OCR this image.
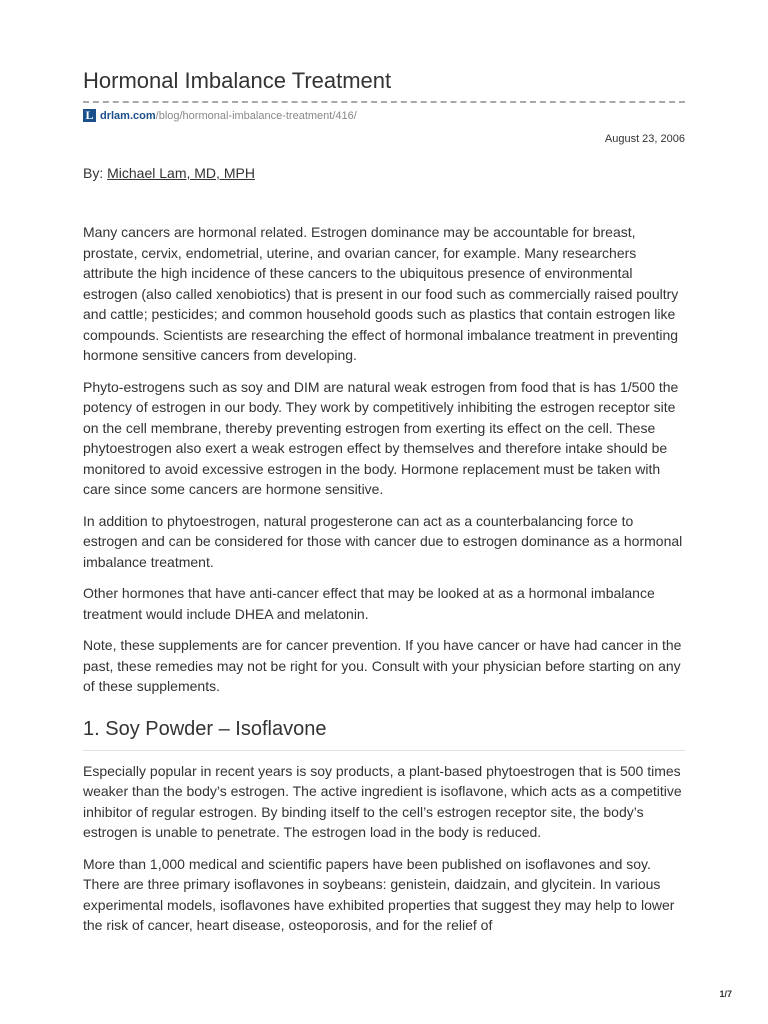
Hormonal Imbalance Treatment
L drlam.com/blog/hormonal-imbalance-treatment/416/
August 23, 2006
By: Michael Lam, MD, MPH

Many cancers are hormonal related. Estrogen dominance may be accountable for breast, prostate, cervix, endometrial, uterine, and ovarian cancer, for example. Many researchers attribute the high incidence of these cancers to the ubiquitous presence of environmental estrogen (also called xenobiotics) that is present in our food such as commercially raised poultry and cattle; pesticides; and common household goods such as plastics that contain estrogen like compounds. Scientists are researching the effect of hormonal imbalance treatment in preventing hormone sensitive cancers from developing.

Phyto-estrogens such as soy and DIM are natural weak estrogen from food that is has 1/500 the potency of estrogen in our body. They work by competitively inhibiting the estrogen receptor site on the cell membrane, thereby preventing estrogen from exerting its effect on the cell. These phytoestrogen also exert a weak estrogen effect by themselves and therefore intake should be monitored to avoid excessive estrogen in the body. Hormone replacement must be taken with care since some cancers are hormone sensitive.

In addition to phytoestrogen, natural progesterone can act as a counterbalancing force to estrogen and can be considered for those with cancer due to estrogen dominance as a hormonal imbalance treatment.

Other hormones that have anti-cancer effect that may be looked at as a hormonal imbalance treatment would include DHEA and melatonin.

Note, these supplements are for cancer prevention. If you have cancer or have had cancer in the past, these remedies may not be right for you. Consult with your physician before starting on any of these supplements.

1. Soy Powder – Isoflavone

Especially popular in recent years is soy products, a plant-based phytoestrogen that is 500 times weaker than the body’s estrogen. The active ingredient is isoflavone, which acts as a competitive inhibitor of regular estrogen. By binding itself to the cell’s estrogen receptor site, the body’s estrogen is unable to penetrate. The estrogen load in the body is reduced.

More than 1,000 medical and scientific papers have been published on isoflavones and soy. There are three primary isoflavones in soybeans: genistein, daidzain, and glycitein. In various experimental models, isoflavones have exhibited properties that suggest they may help to lower the risk of cancer, heart disease, osteoporosis, and for the relief of

1/7
